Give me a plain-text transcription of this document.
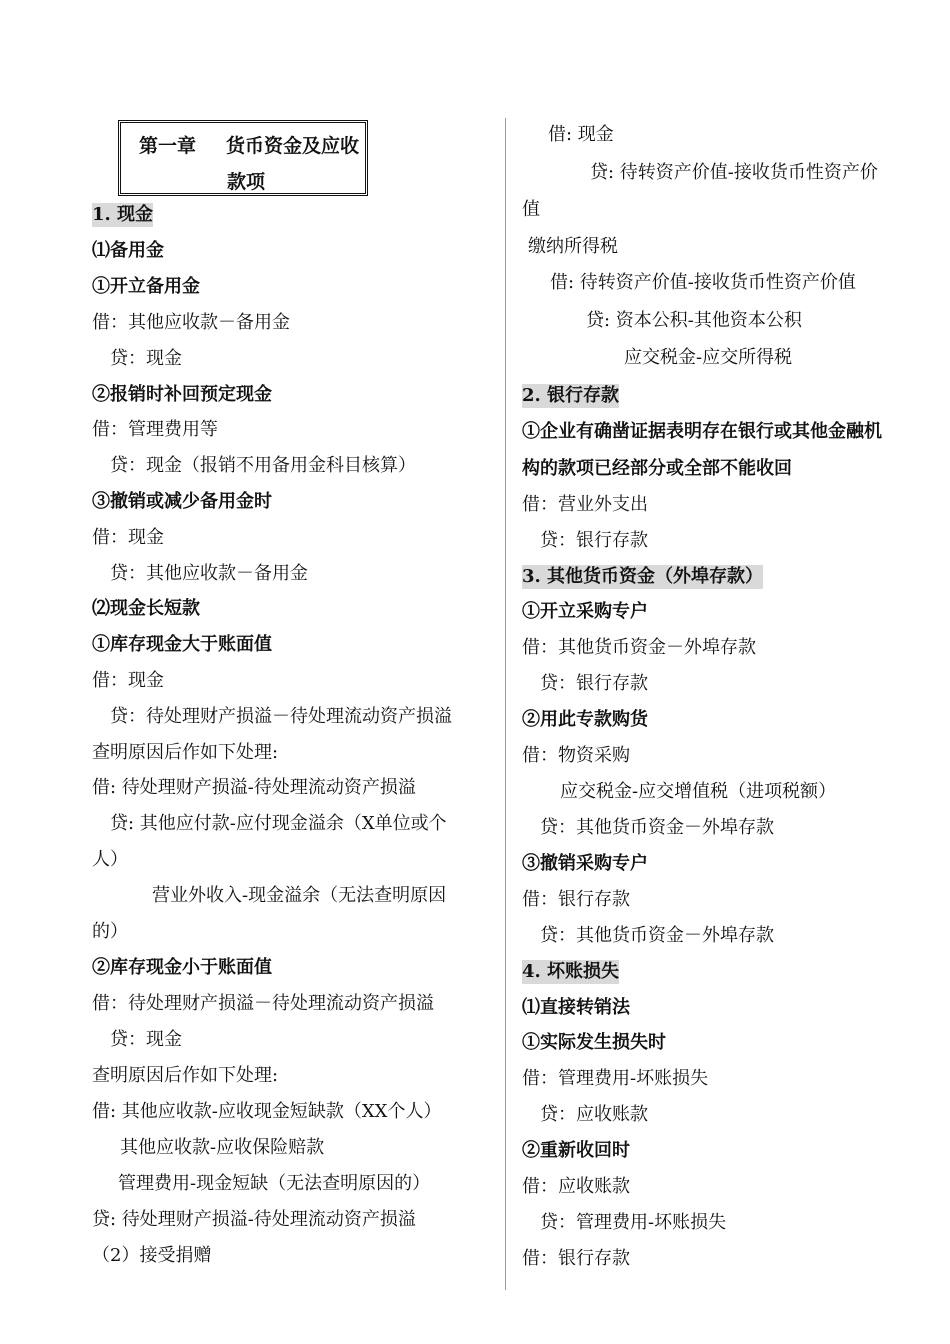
第一章 货币资金及应收
款项
1. 现金
⑴备用金
①开立备用金
借：其他应收款－备用金
贷：现金
②报销时补回预定现金
借：管理费用等
贷：现金（报销不用备用金科目核算）
③撤销或减少备用金时
借：现金
贷：其他应收款－备用金
⑵现金长短款
①库存现金大于账面值
借：现金
贷：待处理财产损溢－待处理流动资产损溢
查明原因后作如下处理:
借: 待处理财产损溢-待处理流动资产损溢
贷: 其他应付款-应付现金溢余（X单位或个
人）
营业外收入-现金溢余（无法查明原因
的）
②库存现金小于账面值
借：待处理财产损溢－待处理流动资产损溢
贷：现金
查明原因后作如下处理:
借: 其他应收款-应收现金短缺款（XX个人）
其他应收款-应收保险赔款
管理费用-现金短缺（无法查明原因的）
贷: 待处理财产损溢-待处理流动资产损溢
（2）接受捐赠
借: 现金
贷: 待转资产价值-接收货币性资产价
值
缴纳所得税
借: 待转资产价值-接收货币性资产价值
贷: 资本公积-其他资本公积
应交税金-应交所得税
2. 银行存款
①企业有确凿证据表明存在银行或其他金融机
构的款项已经部分或全部不能收回
借：营业外支出
贷：银行存款
3. 其他货币资金（外埠存款）
①开立采购专户
借：其他货币资金－外埠存款
贷：银行存款
②用此专款购货
借：物资采购
应交税金-应交增值税（进项税额）
贷：其他货币资金－外埠存款
③撤销采购专户
借：银行存款
贷：其他货币资金－外埠存款
4. 坏账损失
⑴直接转销法
①实际发生损失时
借：管理费用-坏账损失
贷：应收账款
②重新收回时
借：应收账款
贷：管理费用-坏账损失
借：银行存款
